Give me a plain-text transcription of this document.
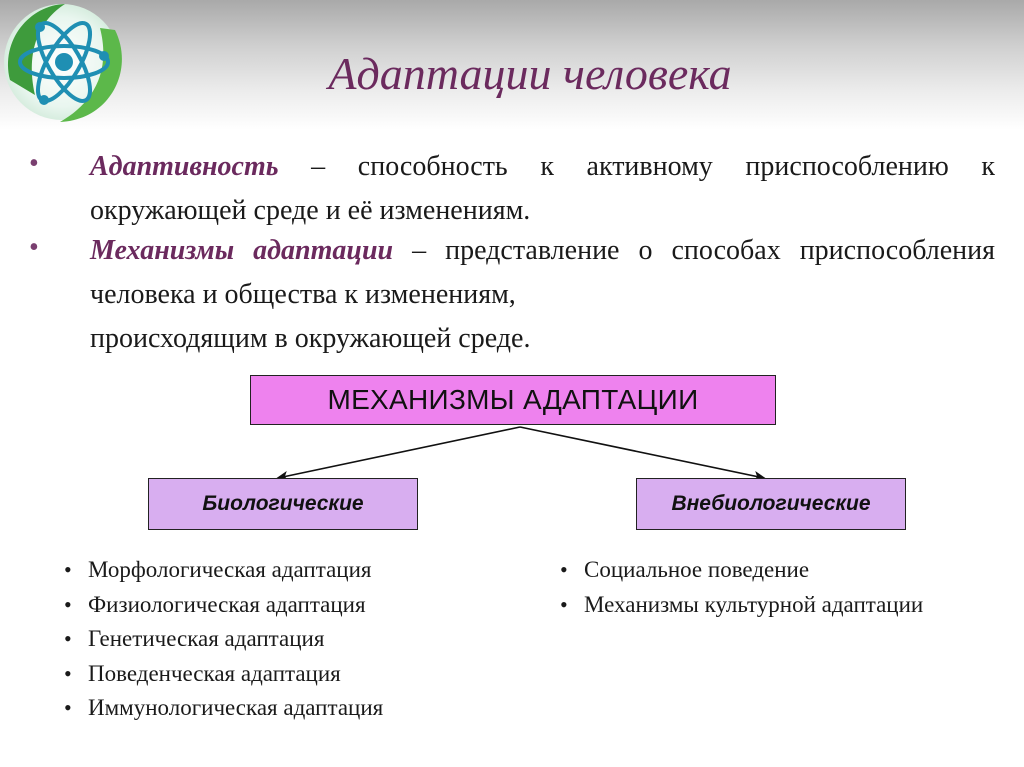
Адаптации человека
• Адаптивность – способность к активному приспособлению к окружающей среде и её изменениям.
• Механизмы адаптации – представление о способах приспособления человека и общества к изменениям,
происходящим в окружающей среде.
МЕХАНИЗМЫ АДАПТАЦИИ
Биологические	Внебиологические
• Морфологическая адаптация
• Физиологическая адаптация
• Генетическая адаптация
• Поведенческая адаптация
• Иммунологическая адаптация
• Социальное поведение
• Механизмы культурной адаптации
